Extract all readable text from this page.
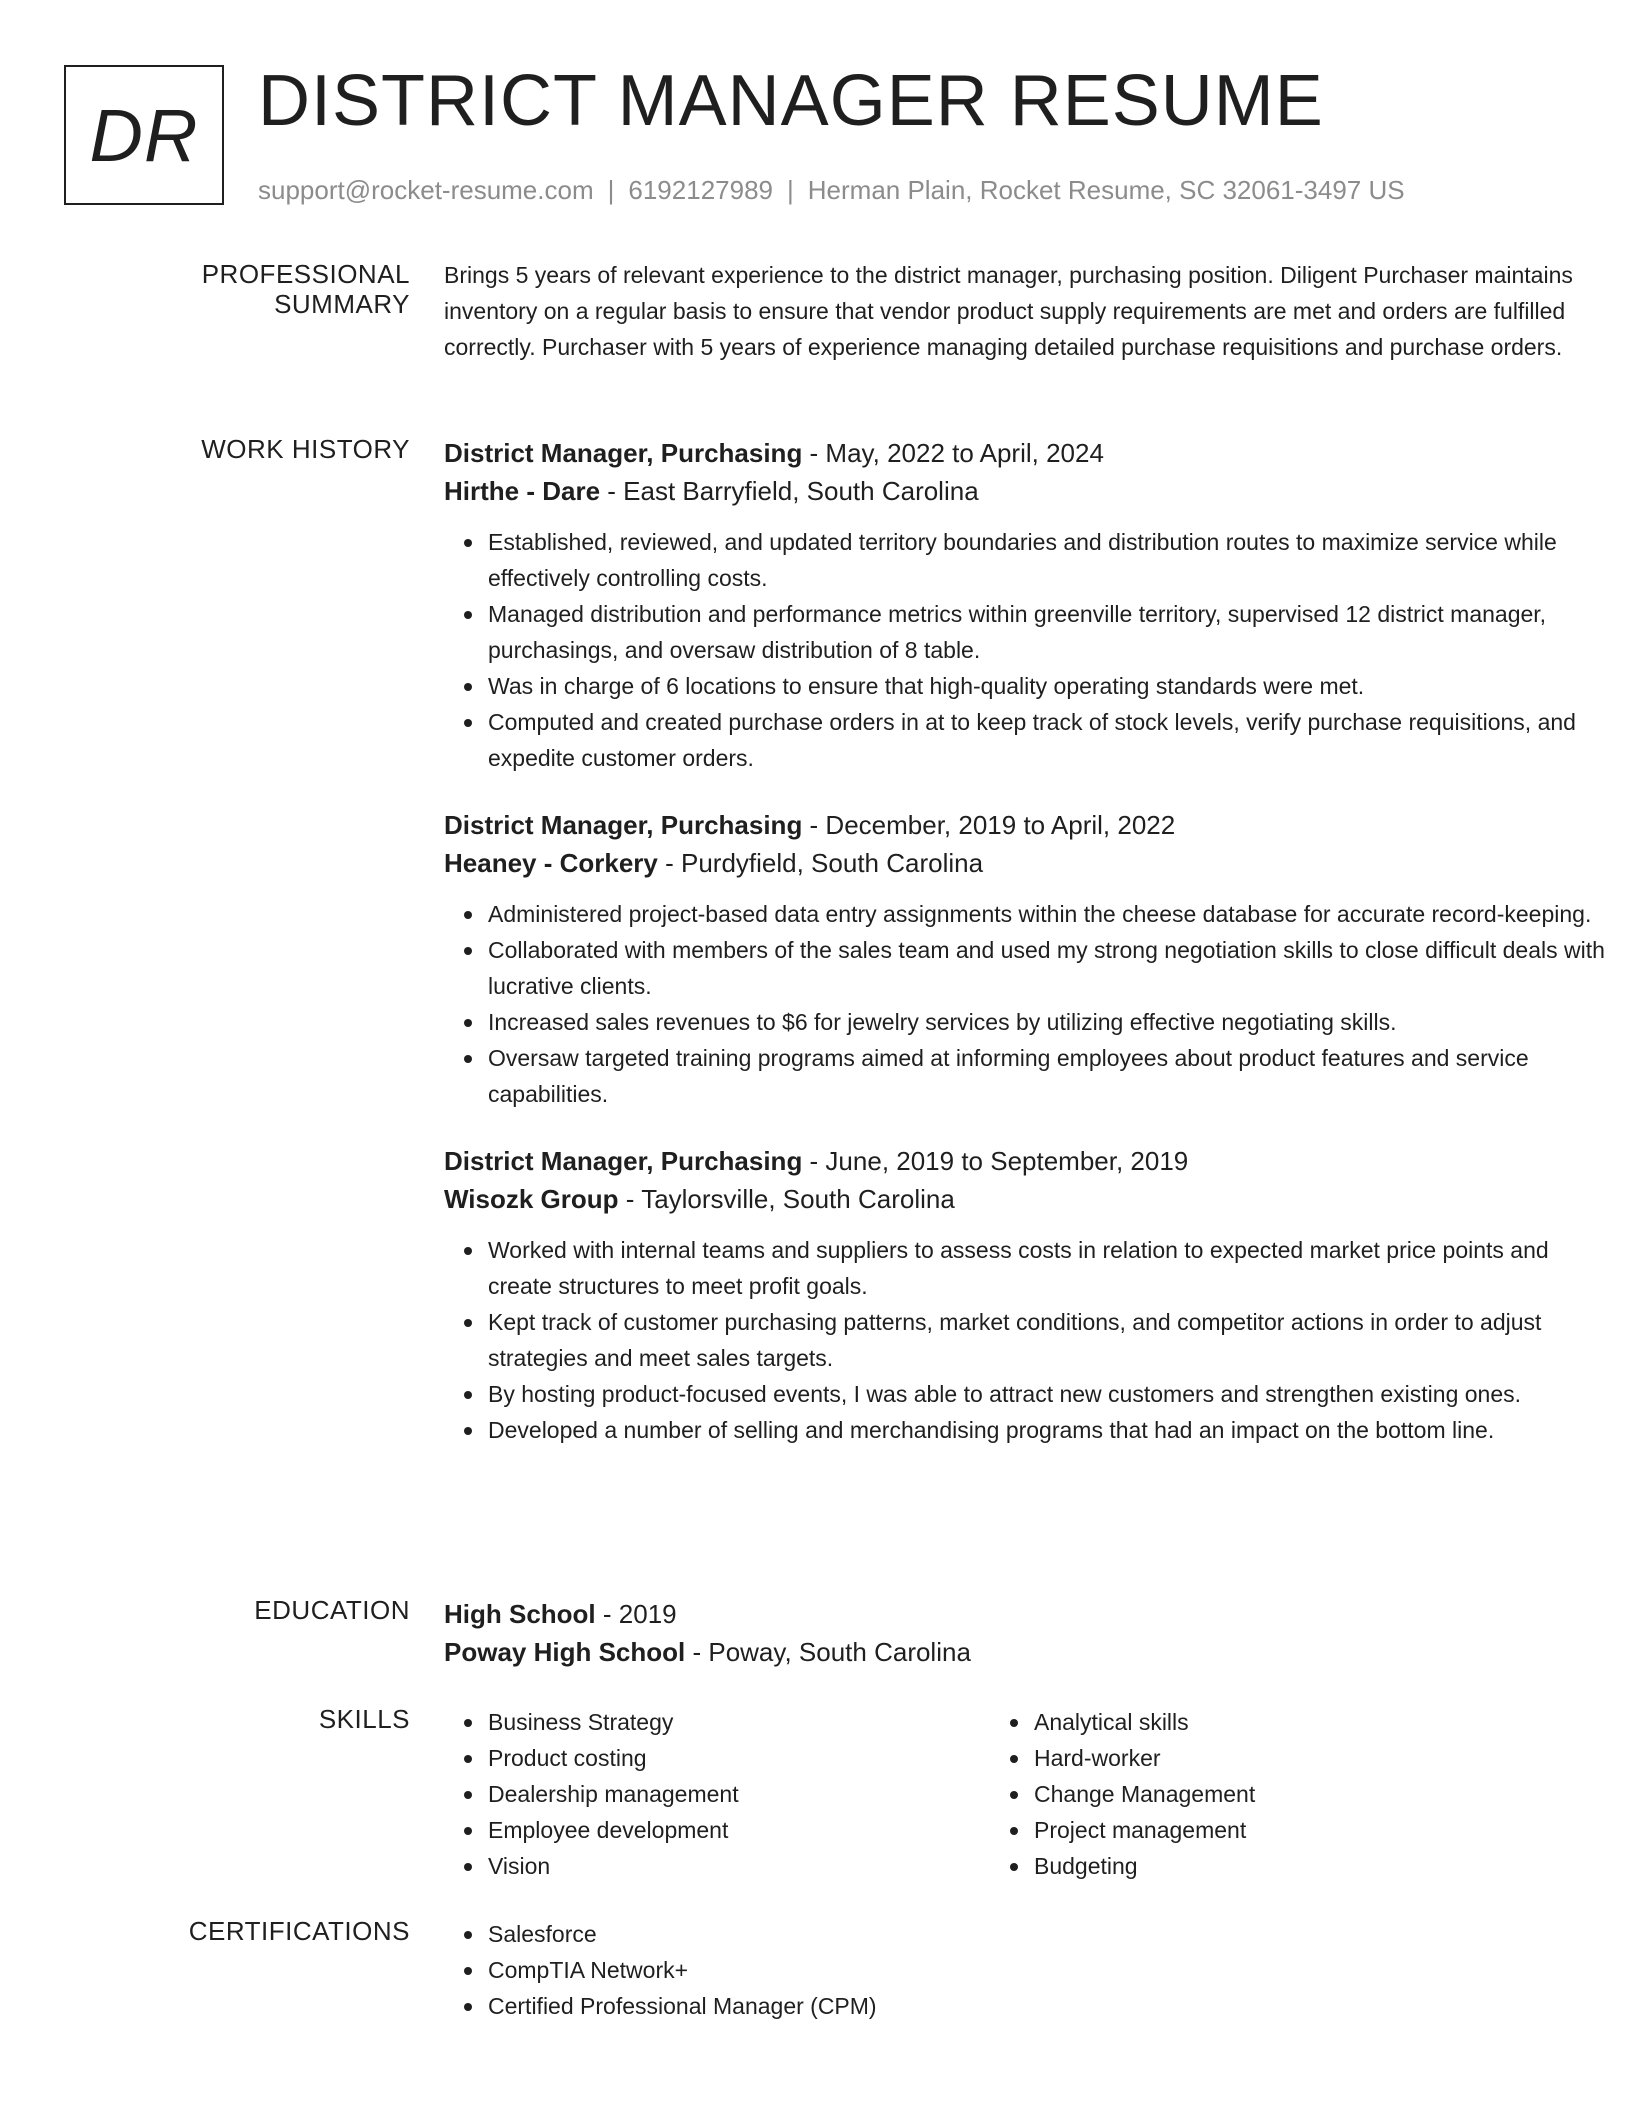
DR DISTRICT MANAGER RESUME
support@rocket-resume.com | 6192127989 | Herman Plain, Rocket Resume, SC 32061-3497 US
PROFESSIONAL SUMMARY

Brings 5 years of relevant experience to the district manager, purchasing position. Diligent Purchaser maintains inventory on a regular basis to ensure that vendor product supply requirements are met and orders are fulfilled correctly. Purchaser with 5 years of experience managing detailed purchase requisitions and purchase orders.

WORK HISTORY District Manager, Purchasing - May, 2022 to April, 2024
Hirthe - Dare - East Barryfield, South Carolina
Established, reviewed, and updated territory boundaries and distribution routes to maximize service while effectively controlling costs.
Managed distribution and performance metrics within greenville territory, supervised 12 district manager, purchasings, and oversaw distribution of 8 table.
Was in charge of 6 locations to ensure that high-quality operating standards were met.
Computed and created purchase orders in at to keep track of stock levels, verify purchase requisitions, and expedite customer orders.
District Manager, Purchasing - December, 2019 to April, 2022
Heaney - Corkery - Purdyfield, South Carolina
Administered project-based data entry assignments within the cheese database for accurate record-keeping.
Collaborated with members of the sales team and used my strong negotiation skills to close difficult deals with lucrative clients.
Increased sales revenues to $6 for jewelry services by utilizing effective negotiating skills.
Oversaw targeted training programs aimed at informing employees about product features and service capabilities.
District Manager, Purchasing - June, 2019 to September, 2019
Wisozk Group - Taylorsville, South Carolina
Worked with internal teams and suppliers to assess costs in relation to expected market price points and create structures to meet profit goals.
Kept track of customer purchasing patterns, market conditions, and competitor actions in order to adjust strategies and meet sales targets.
By hosting product-focused events, I was able to attract new customers and strengthen existing ones.
Developed a number of selling and merchandising programs that had an impact on the bottom line.
EDUCATION High School - 2019
Poway High School - Poway, South Carolina
SKILLS	Business Strategy
Product costing
Dealership management
Employee development
Vision
Analytical skills
Hard-worker
Change Management
Project management
Budgeting
CERTIFICATIONS	Salesforce
CompTIA Network+
Certified Professional Manager (CPM)
